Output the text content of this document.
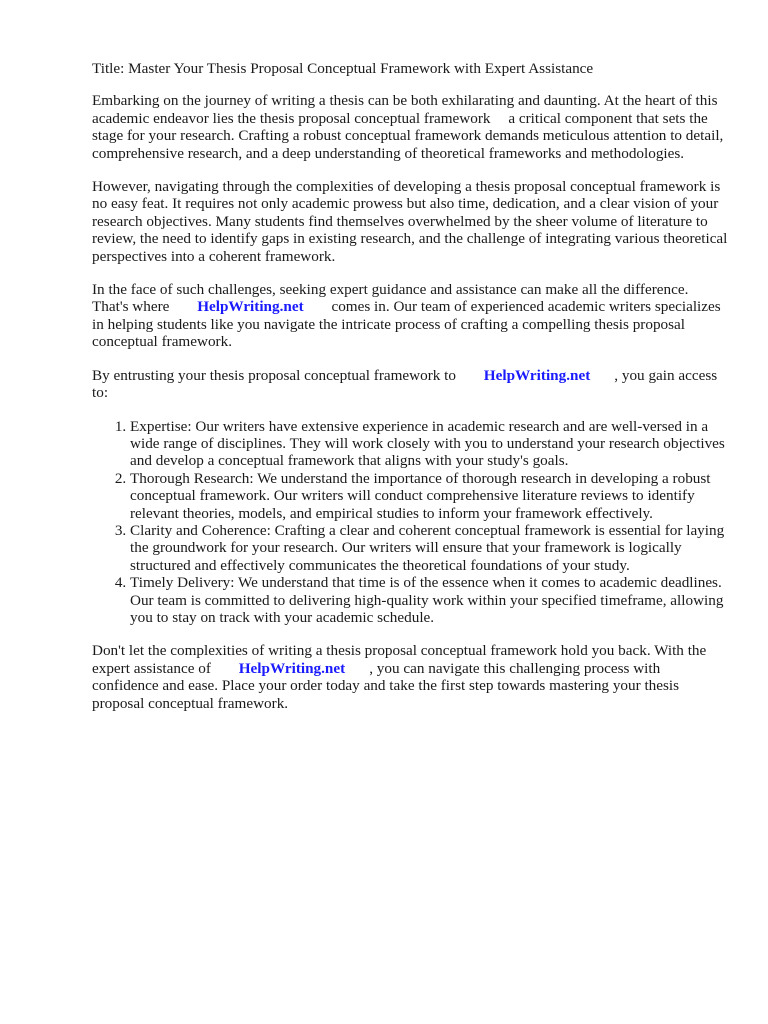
Title: Master Your Thesis Proposal Conceptual Framework with Expert Assistance

Embarking on the journey of writing a thesis can be both exhilarating and daunting. At the heart of this academic endeavor lies the thesis proposal conceptual framework a critical component that sets the stage for your research. Crafting a robust conceptual framework demands meticulous attention to detail, comprehensive research, and a deep understanding of theoretical frameworks and methodologies.

However, navigating through the complexities of developing a thesis proposal conceptual framework is no easy feat. It requires not only academic prowess but also time, dedication, and a clear vision of your research objectives. Many students find themselves overwhelmed by the sheer volume of literature to review, the need to identify gaps in existing research, and the challenge of integrating various theoretical perspectives into a coherent framework.

In the face of such challenges, seeking expert guidance and assistance can make all the difference. That's where HelpWriting.net comes in. Our team of experienced academic writers specializes in helping students like you navigate the intricate process of crafting a compelling thesis proposal conceptual framework.

By entrusting your thesis proposal conceptual framework to HelpWriting.net , you gain access to:

1. Expertise: Our writers have extensive experience in academic research and are well-versed in a wide range of disciplines. They will work closely with you to understand your research objectives and develop a conceptual framework that aligns with your study's goals.
2. Thorough Research: We understand the importance of thorough research in developing a robust conceptual framework. Our writers will conduct comprehensive literature reviews to identify relevant theories, models, and empirical studies to inform your framework effectively.
3. Clarity and Coherence: Crafting a clear and coherent conceptual framework is essential for laying the groundwork for your research. Our writers will ensure that your framework is logically structured and effectively communicates the theoretical foundations of your study.
4. Timely Delivery: We understand that time is of the essence when it comes to academic deadlines. Our team is committed to delivering high-quality work within your specified timeframe, allowing you to stay on track with your academic schedule.

Don't let the complexities of writing a thesis proposal conceptual framework hold you back. With the expert assistance of HelpWriting.net , you can navigate this challenging process with confidence and ease. Place your order today and take the first step towards mastering your thesis proposal conceptual framework.
